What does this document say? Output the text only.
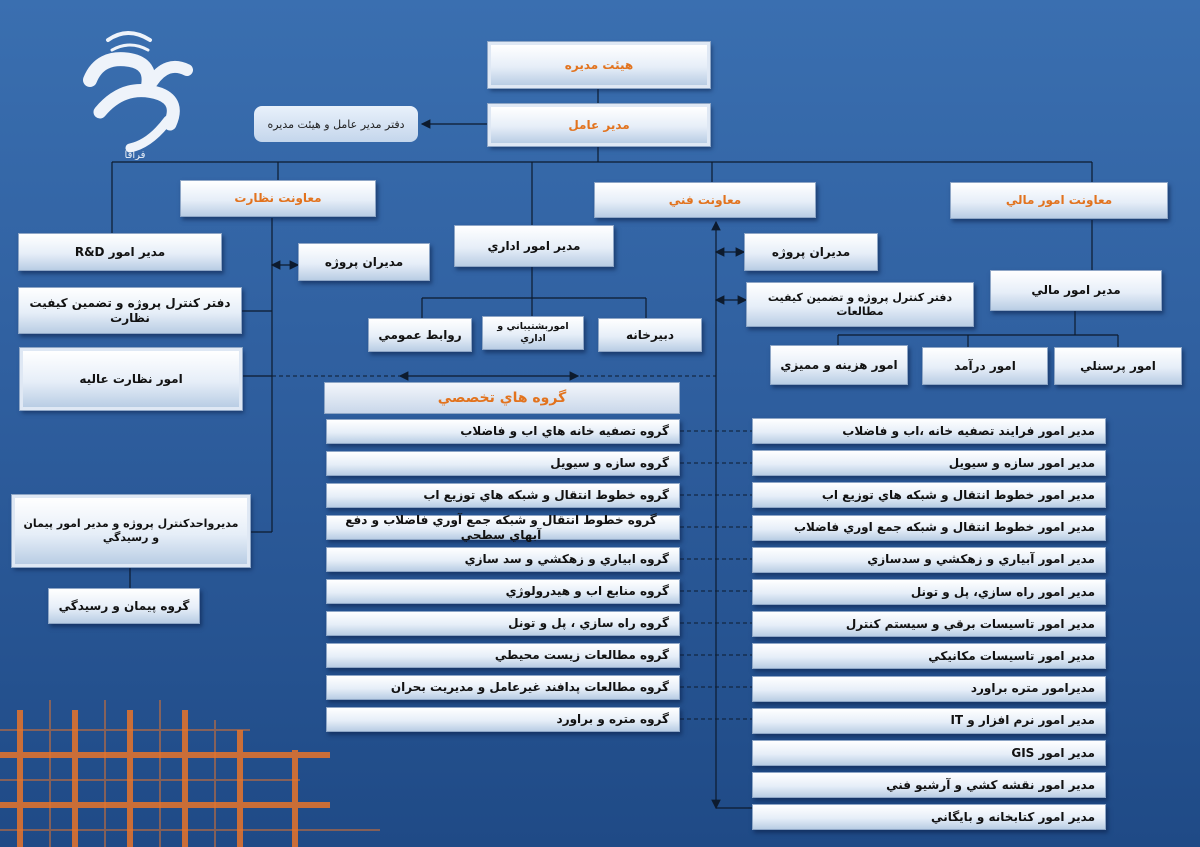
فرافا
هيئت مديره
مدير عامل
دفتر مدير عامل و هيئت مديره
معاونت نظارت	معاونت فني	معاونت امور مالي
مدير امور R&D
دفتر كنترل پروژه و تضمين كيفيت نظارت
امور نظارت عاليه
مديران پروژه
مديرواحدكنترل پروژه و مدير امور پيمان و رسيدگي
گروه پيمان و رسيدگي
مدير امور اداري
روابط عمومي
اموربشتيباني و اداري	دبيرخانه
مديران پروژه
دفتر كنترل پروژه و تضمين كيفيت مطالعات
مدير امور مالي
امور هزينه و مميزي	امور درآمد	امور پرسنلي
گروه هاي تخصصي
گروه تصفيه خانه هاي اب و فاضلاب
گروه سازه و سيويل
گروه خطوط انتقال و شبكه هاي توزيع اب
گروه خطوط انتقال و شبكه جمع آوري فاضلاب و دفع آبهاي سطحي
گروه ابياري و زهكشي و سد سازي
گروه منابع اب و هيدرولوژي
گروه راه سازي ، پل و تونل
گروه مطالعات زيست محيطي
گروه مطالعات پدافند غيرعامل و مديريت بحران
گروه متره و براورد
مدير امور فرايند تصفيه خانه ،اب و فاضلاب
مدير امور سازه و سيويل
مدير امور خطوط انتقال و شبكه هاي توزيع اب
مدير امور خطوط انتقال و شبكه جمع اوري فاضلاب
مدير امور آبياري و زهكشي و سدسازي
مدير امور راه سازي، پل و تونل
مدير امور تاسيسات برقي و سيستم كنترل
مدير امور تاسيسات مكانيكي
مديرامور متره براورد
مدير امور نرم افزار و IT
مدير امور GIS
مدير امور نقشه كشي و آرشيو فني
مدير امور كتابخانه و بايگاني
